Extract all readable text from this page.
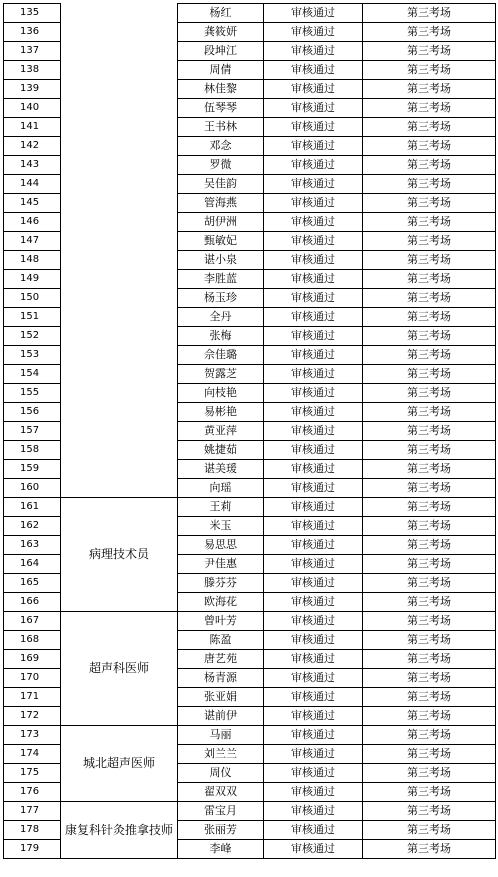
135		杨红	审核通过	第三考场
136		龚筱妍	审核通过	第三考场
137		段坤江	审核通过	第三考场
138		周倩	审核通过	第三考场
139		林佳黎	审核通过	第三考场
140		伍琴琴	审核通过	第三考场
141		王书林	审核通过	第三考场
142		邓念	审核通过	第三考场
143		罗微	审核通过	第三考场
144		吴佳韵	审核通过	第三考场
145		管海燕	审核通过	第三考场
146		胡伊洲	审核通过	第三考场
147		甄敏妃	审核通过	第三考场
148		谌小泉	审核通过	第三考场
149		李胜蓝	审核通过	第三考场
150		杨玉珍	审核通过	第三考场
151		全丹	审核通过	第三考场
152		张梅	审核通过	第三考场
153		佘佳璐	审核通过	第三考场
154		贺露芝	审核通过	第三考场
155		向枝艳	审核通过	第三考场
156		易彬艳	审核通过	第三考场
157		黄亚萍	审核通过	第三考场
158		姚捷茹	审核通过	第三考场
159		谌美瑗	审核通过	第三考场
160		向瑶	审核通过	第三考场
161	病理技术员	王莉	审核通过	第三考场
162		米玉	审核通过	第三考场
163		易思思	审核通过	第三考场
164		尹佳惠	审核通过	第三考场
165		滕芬芬	审核通过	第三考场
166		欧海花	审核通过	第三考场
167	超声科医师	曾叶芳	审核通过	第三考场
168		陈盈	审核通过	第三考场
169		唐艺苑	审核通过	第三考场
170		杨青源	审核通过	第三考场
171		张亚娟	审核通过	第三考场
172		谌前伊	审核通过	第三考场
173	城北超声医师	马丽	审核通过	第三考场
174		刘兰兰	审核通过	第三考场
175		周仪	审核通过	第三考场
176		翟双双	审核通过	第三考场
177	康复科针灸推拿技师	雷宝月	审核通过	第三考场
178		张丽芳	审核通过	第三考场
179		李峰	审核通过	第三考场
